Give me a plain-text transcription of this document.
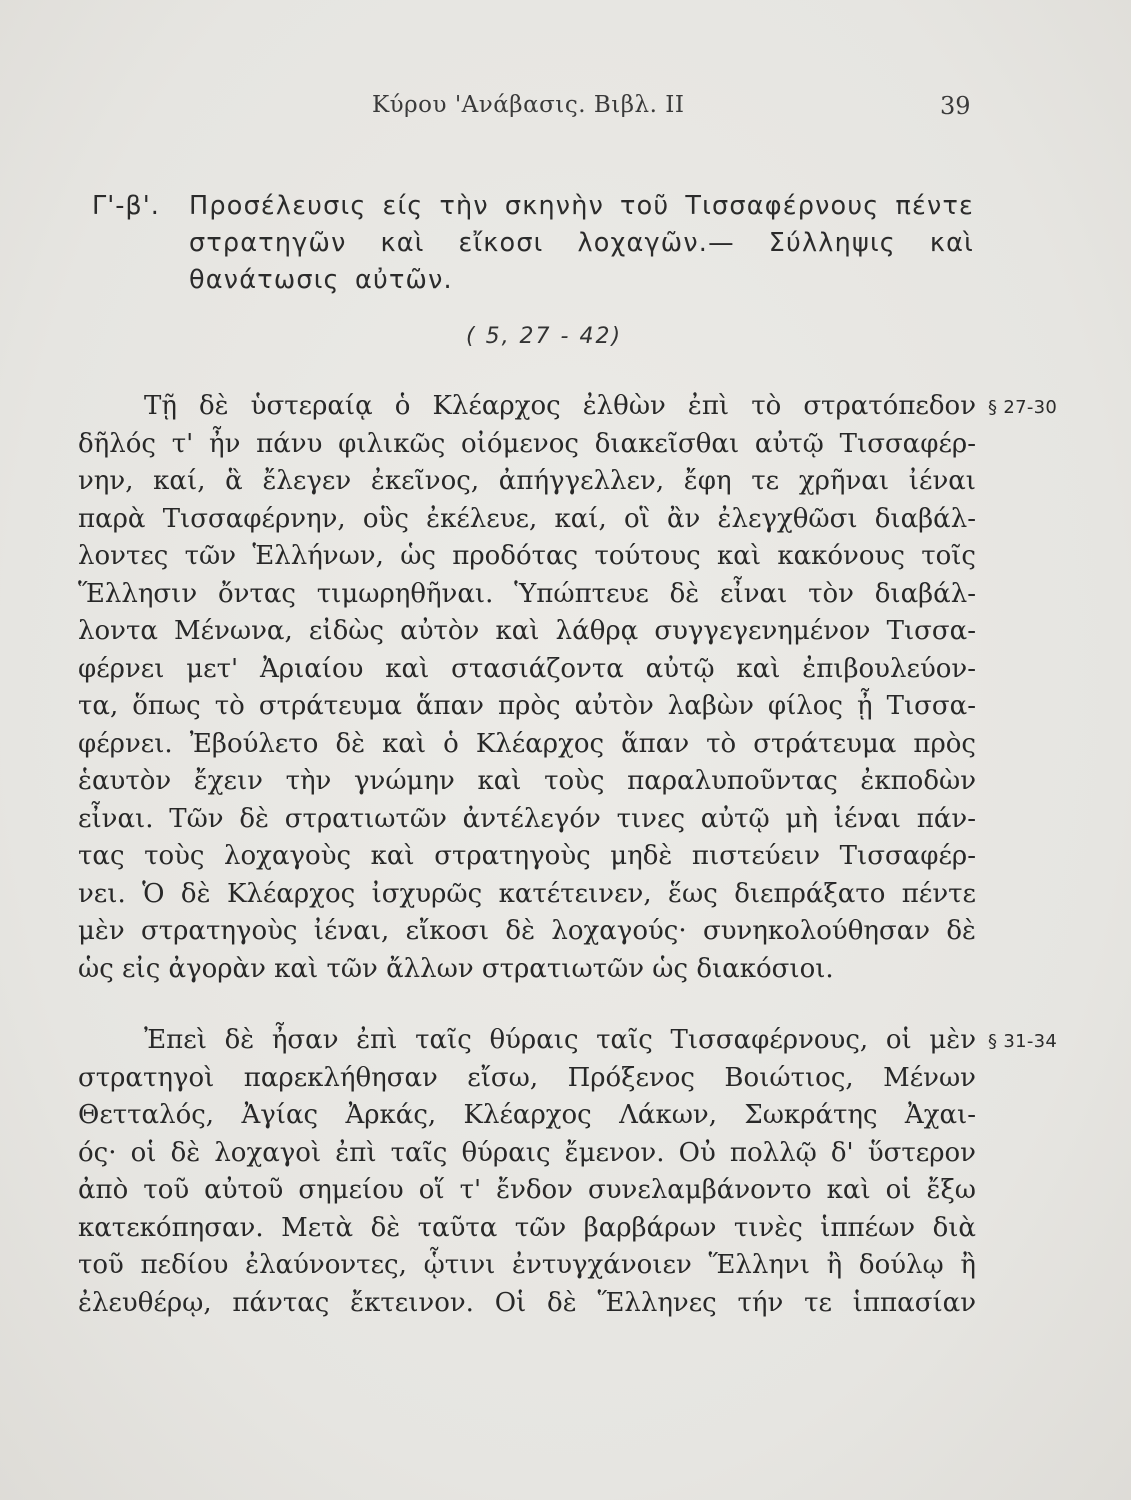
Κύρου 'Ανάβασις. Βιβλ. II	39
Γ'-β'. Προσέλευσις είς τὴν σκηνὴν τοῦ Τισσαφέρνους πέντε στρατηγῶν καὶ εἴκοσι λοχαγῶν.— Σύλληψις καὶ θανάτωσις αὐτῶν.
( 5, 27 - 42)
§ 27-30
Τῇ δὲ ὑστεραίᾳ ὁ Κλέαρχος ἐλθὼν ἐπὶ τὸ στρατόπεδον
δῆλός τ' ἦν πάνυ φιλικῶς οἰόμενος διακεῖσθαι αὐτῷ Τισσαφέρ-
νην, καί, ἃ ἔλεγεν ἐκεῖνος, ἀπήγγελλεν, ἔφη τε χρῆναι ἰέναι
παρὰ Τισσαφέρνην, οὓς ἐκέλευε, καί, οἳ ἂν ἐλεγχθῶσι διαβάλ-
λοντες τῶν Ἑλλήνων, ὡς προδότας τούτους καὶ κακόνους τοῖς
Ἕλλησιν ὄντας τιμωρηθῆναι. Ὑπώπτευε δὲ εἶναι τὸν διαβάλ-
λοντα Μένωνα, εἰδὼς αὐτὸν καὶ λάθρᾳ συγγεγενημένον Τισσα-
φέρνει μετ' Ἀριαίου καὶ στασιάζοντα αὐτῷ καὶ ἐπιβουλεύον-
τα, ὅπως τὸ στράτευμα ἅπαν πρὸς αὐτὸν λαβὼν φίλος ᾖ Τισσα-
φέρνει. Ἐβούλετο δὲ καὶ ὁ Κλέαρχος ἅπαν τὸ στράτευμα πρὸς
ἑαυτὸν ἔχειν τὴν γνώμην καὶ τοὺς παραλυποῦντας ἐκποδὼν
εἶναι. Τῶν δὲ στρατιωτῶν ἀντέλεγόν τινες αὐτῷ μὴ ἰέναι πάν-
τας τοὺς λοχαγοὺς καὶ στρατηγοὺς μηδὲ πιστεύειν Τισσαφέρ-
νει. Ὁ δὲ Κλέαρχος ἰσχυρῶς κατέτεινεν, ἕως διεπράξατο πέντε
μὲν στρατηγοὺς ἰέναι, εἴκοσι δὲ λοχαγούς· συνηκολούθησαν δὲ
ὡς εἰς ἀγορὰν καὶ τῶν ἄλλων στρατιωτῶν ὡς διακόσιοι.
§ 31-34
Ἐπεὶ δὲ ἦσαν ἐπὶ ταῖς θύραις ταῖς Τισσαφέρνους, οἱ μὲν
στρατηγοὶ παρεκλήθησαν εἴσω, Πρόξενος Βοιώτιος, Μένων
Θετταλός, Ἀγίας Ἀρκάς, Κλέαρχος Λάκων, Σωκράτης Ἀχαι-
ός· οἱ δὲ λοχαγοὶ ἐπὶ ταῖς θύραις ἔμενον. Οὐ πολλῷ δ' ὕστερον
ἀπὸ τοῦ αὐτοῦ σημείου οἵ τ' ἔνδον συνελαμβάνοντο καὶ οἱ ἔξω
κατεκόπησαν. Μετὰ δὲ ταῦτα τῶν βαρβάρων τινὲς ἱππέων διὰ
τοῦ πεδίου ἐλαύνοντες, ᾧτινι ἐντυγχάνοιεν Ἕλληνι ἢ δούλῳ ἢ
ἐλευθέρῳ, πάντας ἔκτεινον. Οἱ δὲ Ἕλληνες τήν τε ἱππασίαν
